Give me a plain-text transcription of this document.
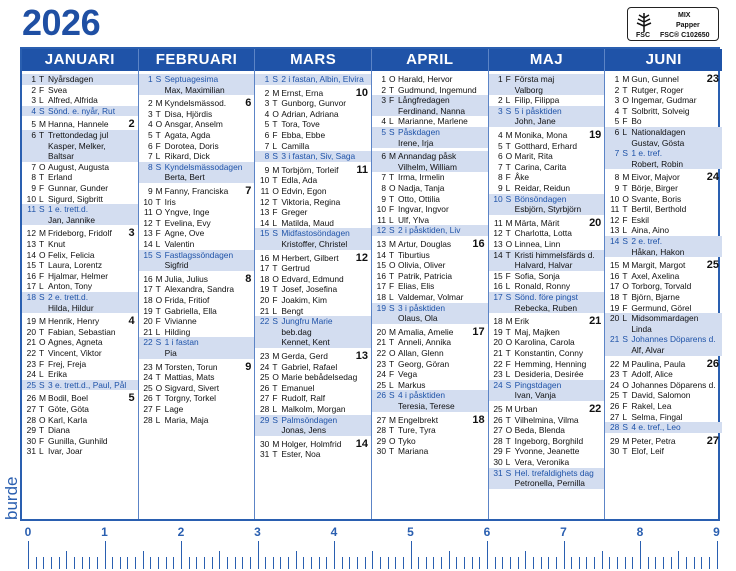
2026	MIX
Papper
FSC FSC® C102650
JANUARI
1 T Nyårsdagen
2 F Svea
3 L Alfred, Alfrida
4 S Sönd. e. nyår, Rut
2
5 M Hanna, Hannele
6 T Trettondedag jul
Kasper, Melker,
Baltsar
7 O August, Augusta
8 T Erland
9 F Gunnar, Gunder
10 L Sigurd, Sigbritt
11 S 1 e. trett.d.
Jan, Jannike
3
12 M Frideborg, Fridolf
13 T Knut
14 O Felix, Felicia
15 T Laura, Lorentz
16 F Hjalmar, Helmer
17 L Anton, Tony
18 S 2 e. trett.d.
Hilda, Hildur
4
19 M Henrik, Henry
20 T Fabian, Sebastian
21 O Agnes, Agneta
22 T Vincent, Viktor
23 F Frej, Freja
24 L Erika
25 S 3 e. trett.d., Paul, Pål
5
26 M Bodil, Boel
27 T Göte, Göta
28 O Karl, Karla
29 T Diana
30 F Gunilla, Gunhild
31 L Ivar, Joar
FEBRUARI
1 S Septuagesima
Max, Maximilian
6
2 M Kyndelsmässod.
3 T Disa, Hjördis
4 O Ansgar, Anselm
5 T Agata, Agda
6 F Dorotea, Doris
7 L Rikard, Dick
8 S Kyndelsmässodagen
Berta, Bert
7
9 M Fanny, Franciska
10 T Iris
11 O Yngve, Inge
12 T Evelina, Evy
13 F Agne, Ove
14 L Valentin
15 S Fastlagssöndagen
Sigfrid
8
16 M Julia, Julius
17 T Alexandra, Sandra
18 O Frida, Fritiof
19 T Gabriella, Ella
20 F Vivianne
21 L Hilding
22 S 1 i fastan
Pia
9
23 M Torsten, Torun
24 T Mattias, Mats
25 O Sigvard, Sivert
26 T Torgny, Torkel
27 F Lage
28 L Maria, Maja
MARS
1 S 2 i fastan, Albin, Elvira
10
2 M Ernst, Erna
3 T Gunborg, Gunvor
4 O Adrian, Adriana
5 T Tora, Tove
6 F Ebba, Ebbe
7 L Camilla
8 S 3 i fastan, Siv, Saga
11
9 M Torbjörn, Torleif
10 T Edla, Ada
11 O Edvin, Egon
12 T Viktoria, Regina
13 F Greger
14 L Matilda, Maud
15 S Midfastosöndagen
Kristoffer, Christel
12
16 M Herbert, Gilbert
17 T Gertrud
18 O Edvard, Edmund
19 T Josef, Josefina
20 F Joakim, Kim
21 L Bengt
22 S Jungfru Marie
beb.dag
Kennet, Kent
13
23 M Gerda, Gerd
24 T Gabriel, Rafael
25 O Marie bebådelsedag
26 T Emanuel
27 F Rudolf, Ralf
28 L Malkolm, Morgan
29 S Palmsöndagen
Jonas, Jens
14
30 M Holger, Holmfrid
31 T Ester, Noa
APRIL
1 O Harald, Hervor
2 T Gudmund, Ingemund
3 F Långfredagen
Ferdinand, Nanna
4 L Marianne, Marlene
5 S Påskdagen
Irene, Irja
6 M Annandag påsk
Vilhelm, William
7 T Irma, Irmelin
8 O Nadja, Tanja
9 T Otto, Ottilia
10 F Ingvar, Ingvor
11 L Ulf, Ylva
12 S 2 i påsktiden, Liv
16
13 M Artur, Douglas
14 T Tiburtius
15 O Olivia, Oliver
16 T Patrik, Patricia
17 F Elias, Elis
18 L Valdemar, Volmar
19 S 3 i påsktiden
Olaus, Ola
17
20 M Amalia, Amelie
21 T Anneli, Annika
22 O Allan, Glenn
23 T Georg, Göran
24 F Vega
25 L Markus
26 S 4 i påsktiden
Teresia, Terese
18
27 M Engelbrekt
28 T Ture, Tyra
29 O Tyko
30 T Mariana
MAJ
1 F Första maj
Valborg
2 L Filip, Filippa
3 S 5 i påsktiden
John, Jane
19
4 M Monika, Mona
5 T Gotthard, Erhard
6 O Marit, Rita
7 T Carina, Carita
8 F Åke
9 L Reidar, Reidun
10 S Bönsöndagen
Esbjörn, Styrbjörn
20
11 M Märta, Märit
12 T Charlotta, Lotta
13 O Linnea, Linn
14 T Kristi himmelsfärds d.
Halvard, Halvar
15 F Sofia, Sonja
16 L Ronald, Ronny
17 S Sönd. före pingst
Rebecka, Ruben
21
18 M Erik
19 T Maj, Majken
20 O Karolina, Carola
21 T Konstantin, Conny
22 F Hemming, Henning
23 L Desideria, Desirée
24 S Pingstdagen
Ivan, Vanja
22
25 M Urban
26 T Vilhelmina, Vilma
27 O Beda, Blenda
28 T Ingeborg, Borghild
29 F Yvonne, Jeanette
30 L Vera, Veronika
31 S Hel. trefaldighets dag
Petronella, Pernilla
JUNI
23
1 M Gun, Gunnel
2 T Rutger, Roger
3 O Ingemar, Gudmar
4 T Solbritt, Solveig
5 F Bo
6 L Nationaldagen
Gustav, Gösta
7 S 1 e. tref.
Robert, Robin
24
8 M Eivor, Majvor
9 T Börje, Birger
10 O Svante, Boris
11 T Bertil, Berthold
12 F Eskil
13 L Aina, Aino
14 S 2 e. tref.
Håkan, Hakon
25
15 M Margit, Margot
16 T Axel, Axelina
17 O Torborg, Torvald
18 T Björn, Bjarne
19 F Germund, Görel
20 L Midsommardagen
Linda
21 S Johannes Döparens d.
Alf, Alvar
26
22 M Paulina, Paula
23 T Adolf, Alice
24 O Johannes Döparens d.
25 T David, Salomon
26 F Rakel, Lea
27 L Selma, Fingal
28 S 4 e. tref., Leo
27
29 M Peter, Petra
30 T Elof, Leif
burde
0	1	2	3	4	5	6	7	8	9
